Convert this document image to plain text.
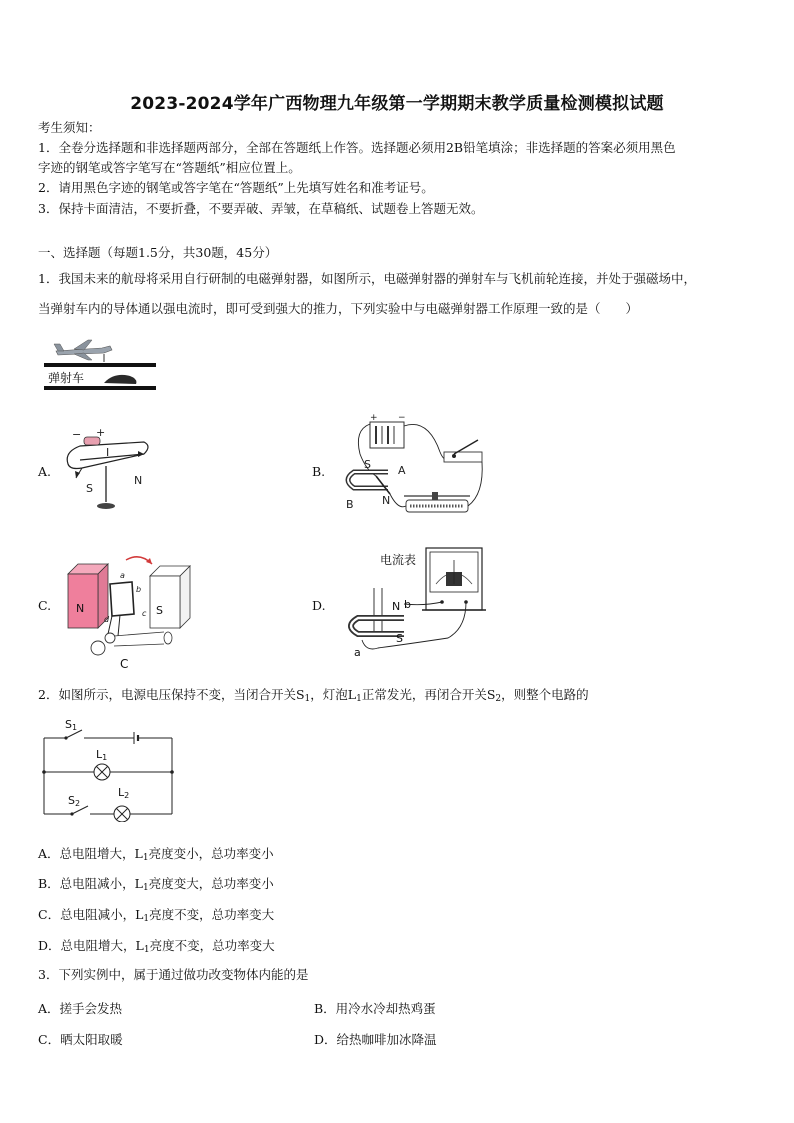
2023-2024学年广西物理九年级第一学期期末教学质量检测模拟试题
考生须知：
1．全卷分选择题和非选择题两部分，全部在答题纸上作答。选择题必须用2B铅笔填涂；非选择题的答案必须用黑色
字迹的钢笔或答字笔写在“答题纸”相应位置上。
2．请用黑色字迹的钢笔或答字笔在“答题纸”上先填写姓名和准考证号。
3．保持卡面清洁，不要折叠，不要弄破、弄皱，在草稿纸、试题卷上答题无效。
一、选择题（每题1.5分，共30题，45分）
1．我国未来的航母将采用自行研制的电磁弹射器，如图所示，电磁弹射器的弹射车与飞机前轮连接，并处于强磁场中，
当弹射车内的导体通以强电流时，即可受到强大的推力，下列实验中与电磁弹射器工作原理一致的是（　　）
弹射车
A.
− +
I
S
N
B.
+ −
S A
N
B
C. N	S
a
b
c
d
C
D.
电流表
N b
S
a
2．如图所示，电源电压保持不变，当闭合开关$S_1$，灯泡$L_1$正常发光，再闭合开关$S_2$，则整个电路的
S1
L1
S2
L2
A．总电阻增大，$L_1$亮度变小，总功率变小
B．总电阻减小，$L_1$亮度变大，总功率变小
C．总电阻减小，$L_1$亮度不变，总功率变大
D．总电阻增大，$L_1$亮度不变，总功率变大
3．下列实例中，属于通过做功改变物体内能的是
A．搓手会发热	B．用冷水冷却热鸡蛋
C．晒太阳取暖	D．给热咖啡加冰降温
